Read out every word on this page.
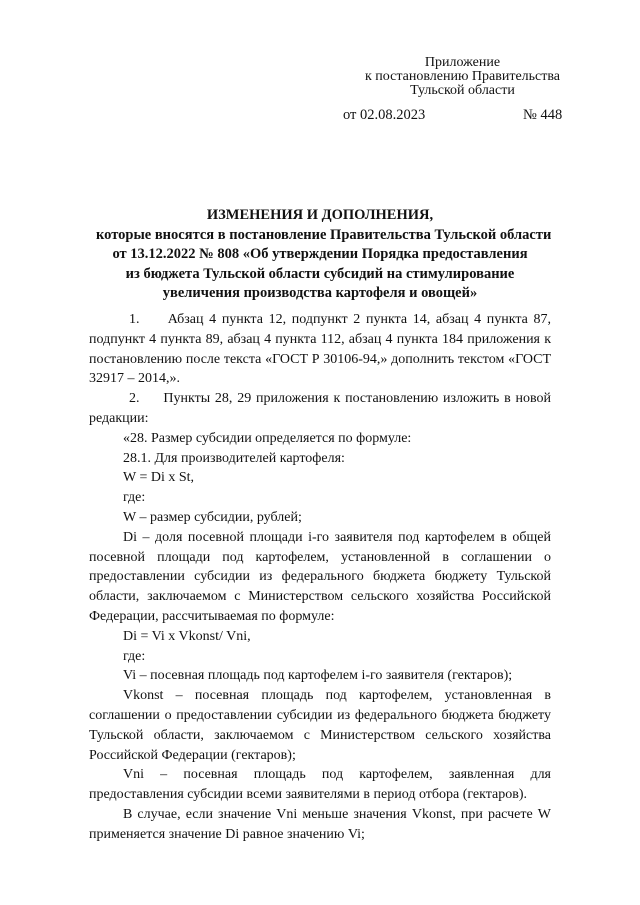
Приложение
к постановлению Правительства
Тульской области
от 02.08.2023	№ 448
ИЗМЕНЕНИЯ И ДОПОЛНЕНИЯ,
которые вносятся в постановление Правительства Тульской области
от 13.12.2022 № 808 «Об утверждении Порядка предоставления
из бюджета Тульской области субсидий на стимулирование
увеличения производства картофеля и овощей»

1.     Абзац 4 пункта 12, подпункт 2 пункта 14, абзац 4 пункта 87, подпункт 4 пункта 89, абзац 4 пункта 112, абзац 4 пункта 184 приложения к постановлению после текста «ГОСТ Р 30106-94,» дополнить текстом «ГОСТ 32917 – 2014,».

2.     Пункты 28, 29 приложения к постановлению изложить в новой редакции:

«28. Размер субсидии определяется по формуле:

28.1. Для производителей картофеля:

W = Di x St,

где:

W – размер субсидии, рублей;

Di – доля посевной площади i-го заявителя под картофелем в общей посевной площади под картофелем, установленной в соглашении о предоставлении субсидии из федерального бюджета бюджету Тульской области, заключаемом с Министерством сельского хозяйства Российской Федерации, рассчитываемая по формуле:

Di = Vi x Vkonst/ Vni,

где:

Vi – посевная площадь под картофелем i-го заявителя (гектаров);

Vkonst – посевная площадь под картофелем, установленная в соглашении о предоставлении субсидии из федерального бюджета бюджету Тульской области, заключаемом с Министерством сельского хозяйства Российской Федерации (гектаров);

Vni – посевная площадь под картофелем, заявленная для предоставления субсидии всеми заявителями в период отбора (гектаров).

В случае, если значение Vni меньше значения Vkonst, при расчете W применяется значение Di равное значению Vi;
